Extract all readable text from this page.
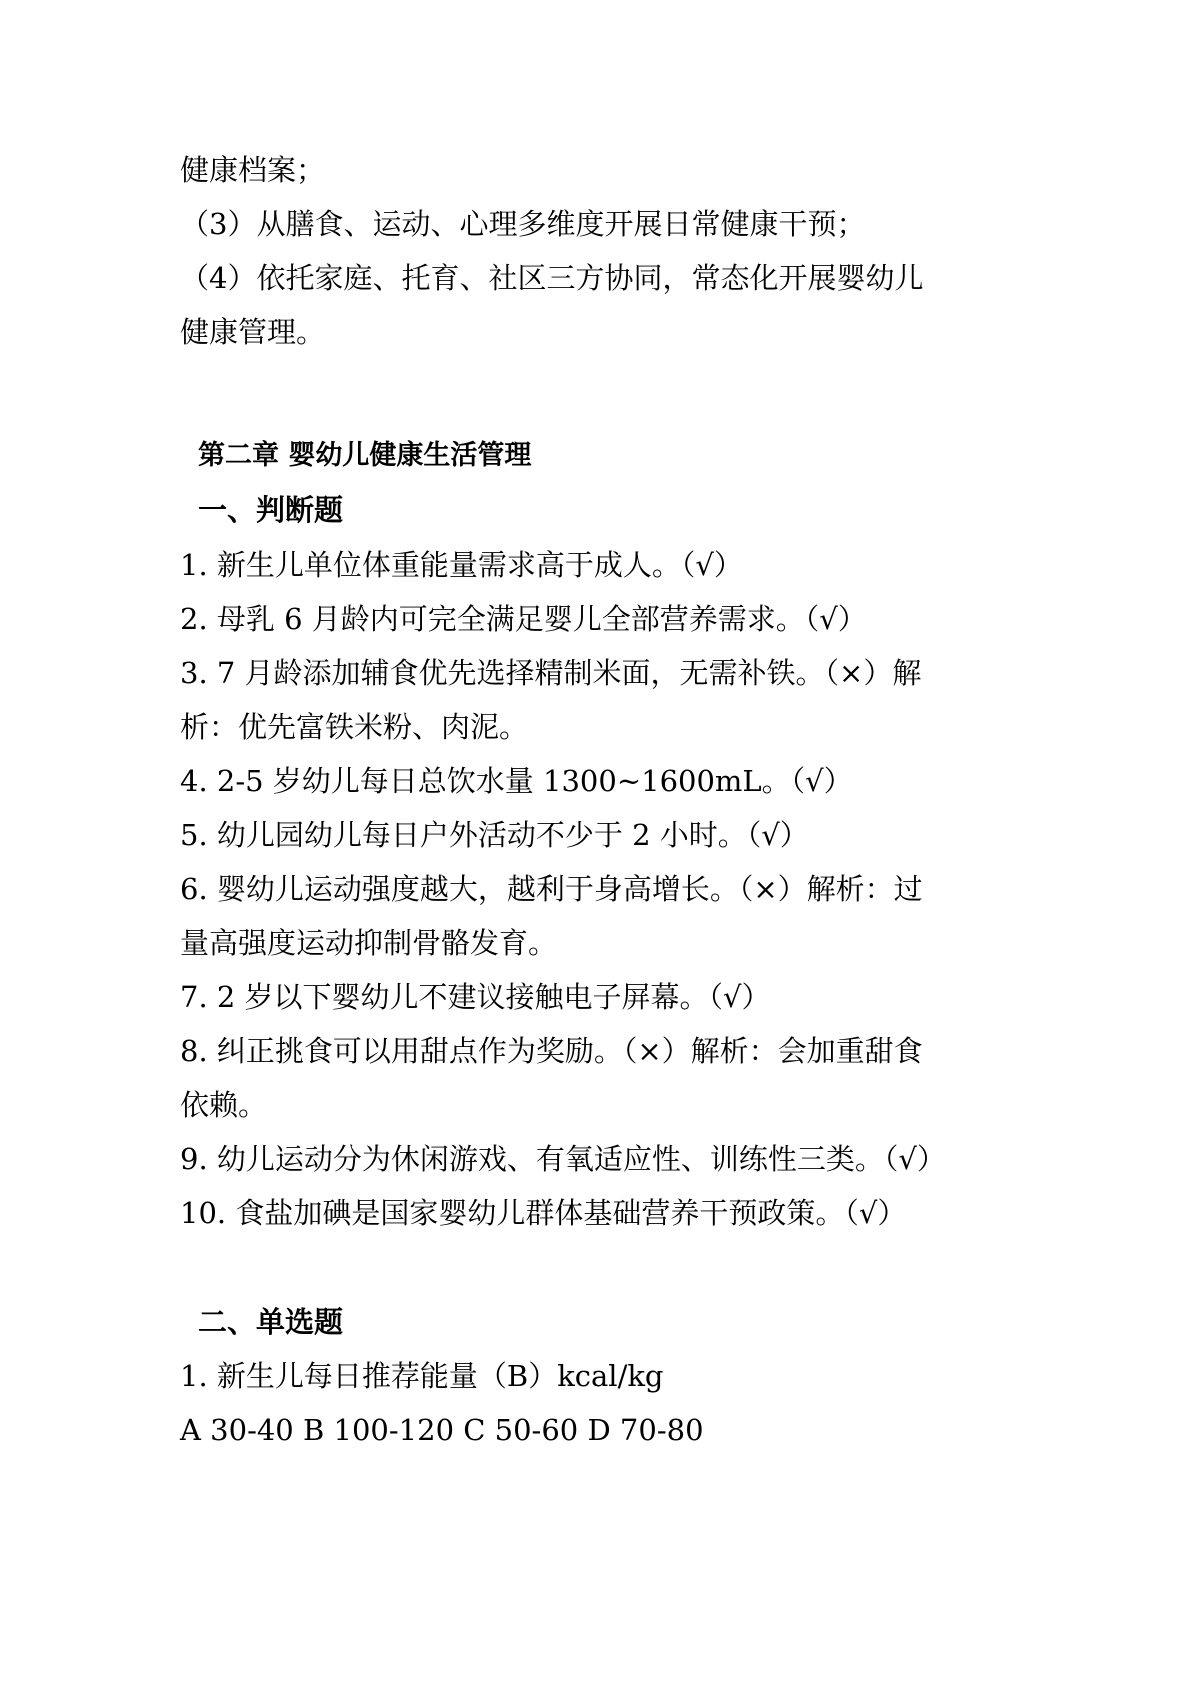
健康档案；
（3）从膳食、运动、心理多维度开展日常健康干预；
（4）依托家庭、托育、社区三方协同，常态化开展婴幼儿
健康管理。
第二章 婴幼儿健康生活管理
一、判断题
1. 新生儿单位体重能量需求高于成人。（√）
2. 母乳 6 月龄内可完全满足婴儿全部营养需求。（√）
3. 7 月龄添加辅食优先选择精制米面，无需补铁。（×）解
析：优先富铁米粉、肉泥。
4. 2-5 岁幼儿每日总饮水量 1300~1600mL。（√）
5. 幼儿园幼儿每日户外活动不少于 2 小时。（√）
6. 婴幼儿运动强度越大，越利于身高增长。（×）解析：过
量高强度运动抑制骨骼发育。
7. 2 岁以下婴幼儿不建议接触电子屏幕。（√）
8. 纠正挑食可以用甜点作为奖励。（×）解析：会加重甜食
依赖。
9. 幼儿运动分为休闲游戏、有氧适应性、训练性三类。（√）
10. 食盐加碘是国家婴幼儿群体基础营养干预政策。（√）
二、单选题
1. 新生儿每日推荐能量（B）kcal/kg
A 30-40 B 100-120 C 50-60 D 70-80
